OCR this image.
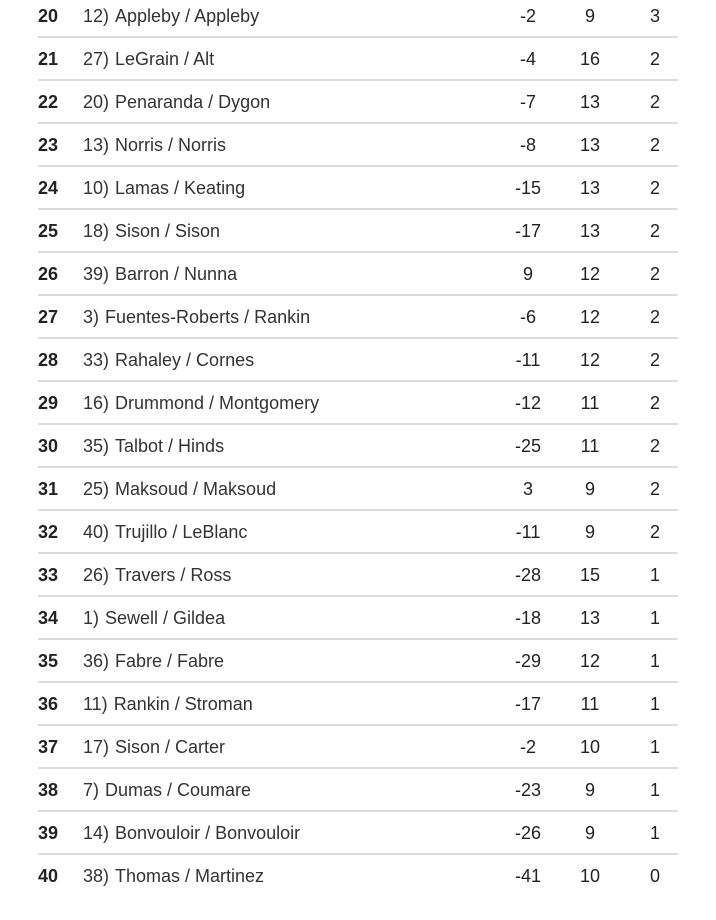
20 12) Appleby / Appleby	-2	9	3
21 27) LeGrain / Alt	-4	16	2
22 20) Penaranda / Dygon	-7	13	2
23 13) Norris / Norris	-8	13	2
24 10) Lamas / Keating	-15	13	2
25 18) Sison / Sison	-17	13	2
26 39) Barron / Nunna	9	12	2
27 3) Fuentes-Roberts / Rankin	-6	12	2
28 33) Rahaley / Cornes	-11	12	2
29 16) Drummond / Montgomery	-12	11	2
30 35) Talbot / Hinds	-25	11	2
31 25) Maksoud / Maksoud	3	9	2
32 40) Trujillo / LeBlanc	-11	9	2
33 26) Travers / Ross	-28	15	1
34 1) Sewell / Gildea	-18	13	1
35 36) Fabre / Fabre	-29	12	1
36 11) Rankin / Stroman	-17	11	1
37 17) Sison / Carter	-2	10	1
38 7) Dumas / Coumare	-23	9	1
39 14) Bonvouloir / Bonvouloir	-26	9	1
40 38) Thomas / Martinez	-41	10	0
